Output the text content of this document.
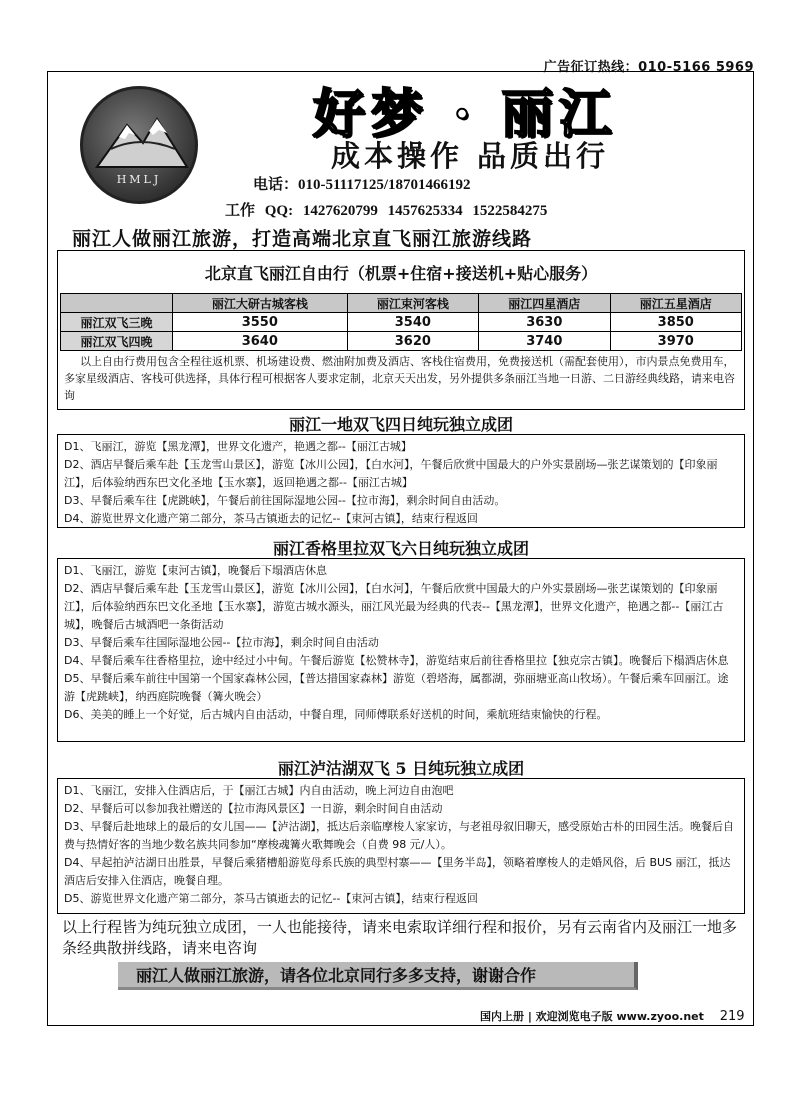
广告征订热线：010-5166 5969
HMLJ
好梦 · 丽江
成本操作 品质出行
电话：010-51117125/18701466192
工作 QQ: 1427620799 1457625334 1522584275
丽江人做丽江旅游，打造高端北京直飞丽江旅游线路
北京直飞丽江自由行（机票+住宿+接送机+贴心服务）
	丽江大研古城客栈	丽江束河客栈	丽江四星酒店	丽江五星酒店
丽江双飞三晚	3550	3540	3630	3850
丽江双飞四晚	3640	3620	3740	3970
以上自由行费用包含全程往返机票、机场建设费、燃油附加费及酒店、客栈住宿费用，免费接送机（需配套使用），市内景点免费用车，多家星级酒店、客栈可供选择，具体行程可根据客人要求定制，北京天天出发，另外提供多条丽江当地一日游、二日游经典线路，请来电咨询
丽江一地双飞四日纯玩独立成团

D1、飞丽江，游览【黑龙潭】，世界文化遗产，艳遇之都--【丽江古城】

D2、酒店早餐后乘车赴【玉龙雪山景区】，游览【冰川公园】，【白水河】，午餐后欣赏中国最大的户外实景剧场—张艺谋策划的【印象丽江】，后体验纳西东巴文化圣地【玉水寨】，返回艳遇之都--【丽江古城】

D3、早餐后乘车往【虎跳峡】，午餐后前往国际湿地公园--【拉市海】，剩余时间自由活动。

D4、游览世界文化遗产第二部分，茶马古镇逝去的记忆--【束河古镇】，结束行程返回

丽江香格里拉双飞六日纯玩独立成团

D1、飞丽江，游览【束河古镇】，晚餐后下塌酒店休息

D2、酒店早餐后乘车赴【玉龙雪山景区】，游览【冰川公园】，【白水河】，午餐后欣赏中国最大的户外实景剧场—张艺谋策划的【印象丽江】，后体验纳西东巴文化圣地【玉水寨】，游览古城水源头，丽江风光最为经典的代表--【黑龙潭】，世界文化遗产，艳遇之都--【丽江古城】，晚餐后古城酒吧一条街活动

D3、早餐后乘车往国际湿地公园--【拉市海】，剩余时间自由活动

D4、早餐后乘车往香格里拉，途中经过小中甸。午餐后游览【松赞林寺】，游览结束后前往香格里拉【独克宗古镇】。晚餐后下榻酒店休息

D5、早餐后乘车前往中国第一个国家森林公园，【普达措国家森林】游览（碧塔海，属都湖，弥丽塘亚高山牧场）。午餐后乘车回丽江。途游【虎跳峡】，纳西庭院晚餐（篝火晚会）

D6、美美的睡上一个好觉，后古城内自由活动，中餐自理，同师傅联系好送机的时间，乘航班结束愉快的行程。

丽江泸沽湖双飞 5 日纯玩独立成团

D1、飞丽江，安排入住酒店后，于【丽江古城】内自由活动，晚上河边自由泡吧

D2、早餐后可以参加我社赠送的【拉市海风景区】一日游，剩余时间自由活动

D3、早餐后赴地球上的最后的女儿国——【泸沽湖】，抵达后亲临摩梭人家家访，与老祖母叙旧聊天，感受原始古朴的田园生活。晚餐后自费与热情好客的当地少数名族共同参加“摩梭魂篝火歌舞晚会（自费 98 元/人）。

D4、早起拍泸沽湖日出胜景，早餐后乘猪槽船游览母系氏族的典型村寨——【里务半岛】，领略着摩梭人的走婚风俗，后 BUS 丽江，抵达酒店后安排入住酒店，晚餐自理。

D5、游览世界文化遗产第二部分，茶马古镇逝去的记忆--【束河古镇】，结束行程返回

以上行程皆为纯玩独立成团，一人也能接待，请来电索取详细行程和报价，另有云南省内及丽江一地多条经典散拼线路，请来电咨询
丽江人做丽江旅游，请各位北京同行多多支持，谢谢合作
国内上册 | 欢迎浏览电子版 www.zyoo.net 219
